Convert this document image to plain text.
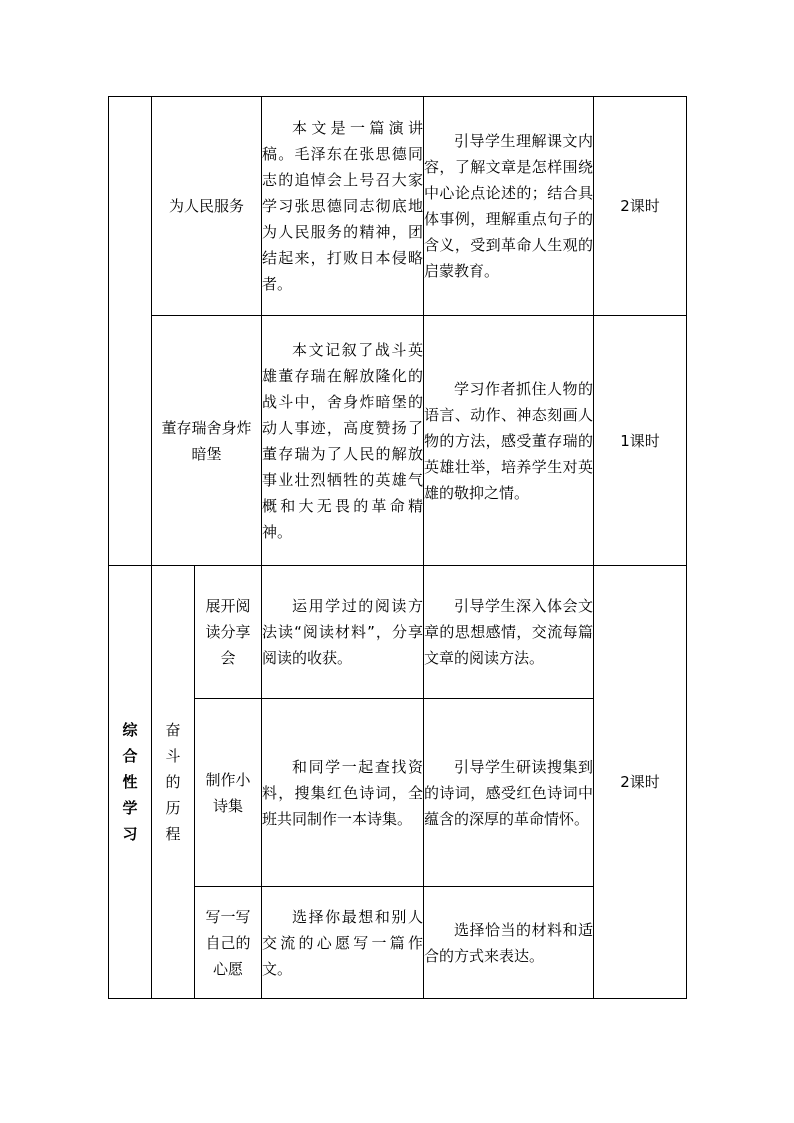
	为人民服务		本文是一篇演讲稿。毛泽东在张思德同志的追悼会上号召大家学习张思德同志彻底地为人民服务的精神，团结起来，打败日本侵略者。	引导学生理解课文内容，了解文章是怎样围绕中心论点论述的；结合具体事例，理解重点句子的含义，受到革命人生观的启蒙教育。	2课时
	董存瑞舍身炸暗堡		本文记叙了战斗英雄董存瑞在解放隆化的战斗中，舍身炸暗堡的动人事迹，高度赞扬了董存瑞为了人民的解放事业壮烈牺牲的英雄气概和大无畏的革命精神。	学习作者抓住人物的语言、动作、神态刻画人物的方法，感受董存瑞的英雄壮举，培养学生对英雄的敬抑之情。	1课时
综合性学习	奋斗的历程	展开阅读分享会	运用学过的阅读方法读“阅读材料”，分享阅读的收获。	引导学生深入体会文章的思想感情，交流每篇文章的阅读方法。	2课时
		制作小诗集	和同学一起查找资料，搜集红色诗词，全班共同制作一本诗集。	引导学生研读搜集到的诗词，感受红色诗词中蕴含的深厚的革命情怀。	

		写一写自己的心愿	选择你最想和别人交流的心愿写一篇作文。	选择恰当的材料和适合的方式来表达。	
